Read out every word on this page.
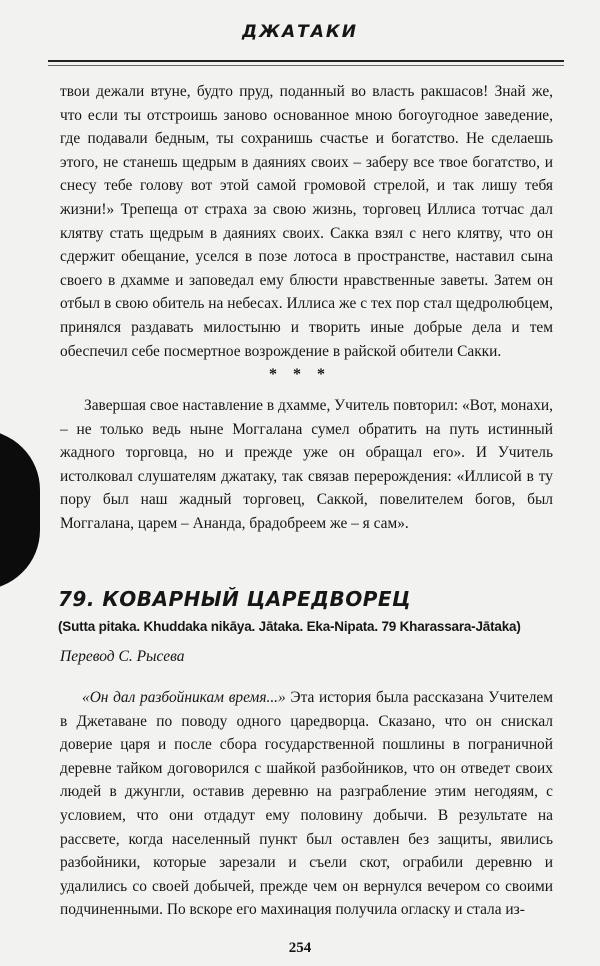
ДЖАТАКИ

твои дежали втуне, будто пруд, поданный во власть ракшасов! Знай же, что если ты отстроишь заново основанное мною богоугодное заведение, где подавали бедным, ты сохранишь счастье и богатство. Не сделаешь этого, не станешь щедрым в даяниях своих – заберу все твое богатство, и снесу тебе голову вот этой самой громовой стрелой, и так лишу тебя жизни!» Трепеща от страха за свою жизнь, торговец Иллиса тотчас дал клятву стать щедрым в даяниях своих. Сакка взял с него клятву, что он сдержит обещание, уселся в позе лотоса в пространстве, наставил сына своего в дхамме и заповедал ему блюсти нравственные заветы. Затем он отбыл в свою обитель на небесах. Иллиса же с тех пор стал щедролюбцем, принялся раздавать милостыню и творить иные добрые дела и тем обеспечил себе посмертное возрождение в райской обители Сакки.

* * *

Завершая свое наставление в дхамме, Учитель повторил: «Вот, монахи, – не только ведь ныне Моггалана сумел обратить на путь истинный жадного торговца, но и прежде уже он обращал его». И Учитель истолковал слушателям джатаку, так связав перерождения: «Иллисой в ту пору был наш жадный торговец, Саккой, повелителем богов, был Моггалана, царем – Ананда, брадобреем же – я сам».

79. КОВАРНЫЙ ЦАРЕДВОРЕЦ
(Sutta pitaka. Khuddaka nikāya. Jātaka. Eka-Nipata. 79 Kharassara-Jātaka)
Перевод С. Рысева

«Он дал разбойникам время...» Эта история была рассказана Учителем в Джетаване по поводу одного царедворца. Сказано, что он снискал доверие царя и после сбора государственной пошлины в пограничной деревне тайком договорился с шайкой разбойников, что он отведет своих людей в джунгли, оставив деревню на разграбление этим негодяям, с условием, что они отдадут ему половину добычи. В результате на рассвете, когда населенный пункт был оставлен без защиты, явились разбойники, которые зарезали и съели скот, ограбили деревню и удалились со своей добычей, прежде чем он вернулся вечером со своими подчиненными. По вскоре его махинация получила огласку и стала из-

254
